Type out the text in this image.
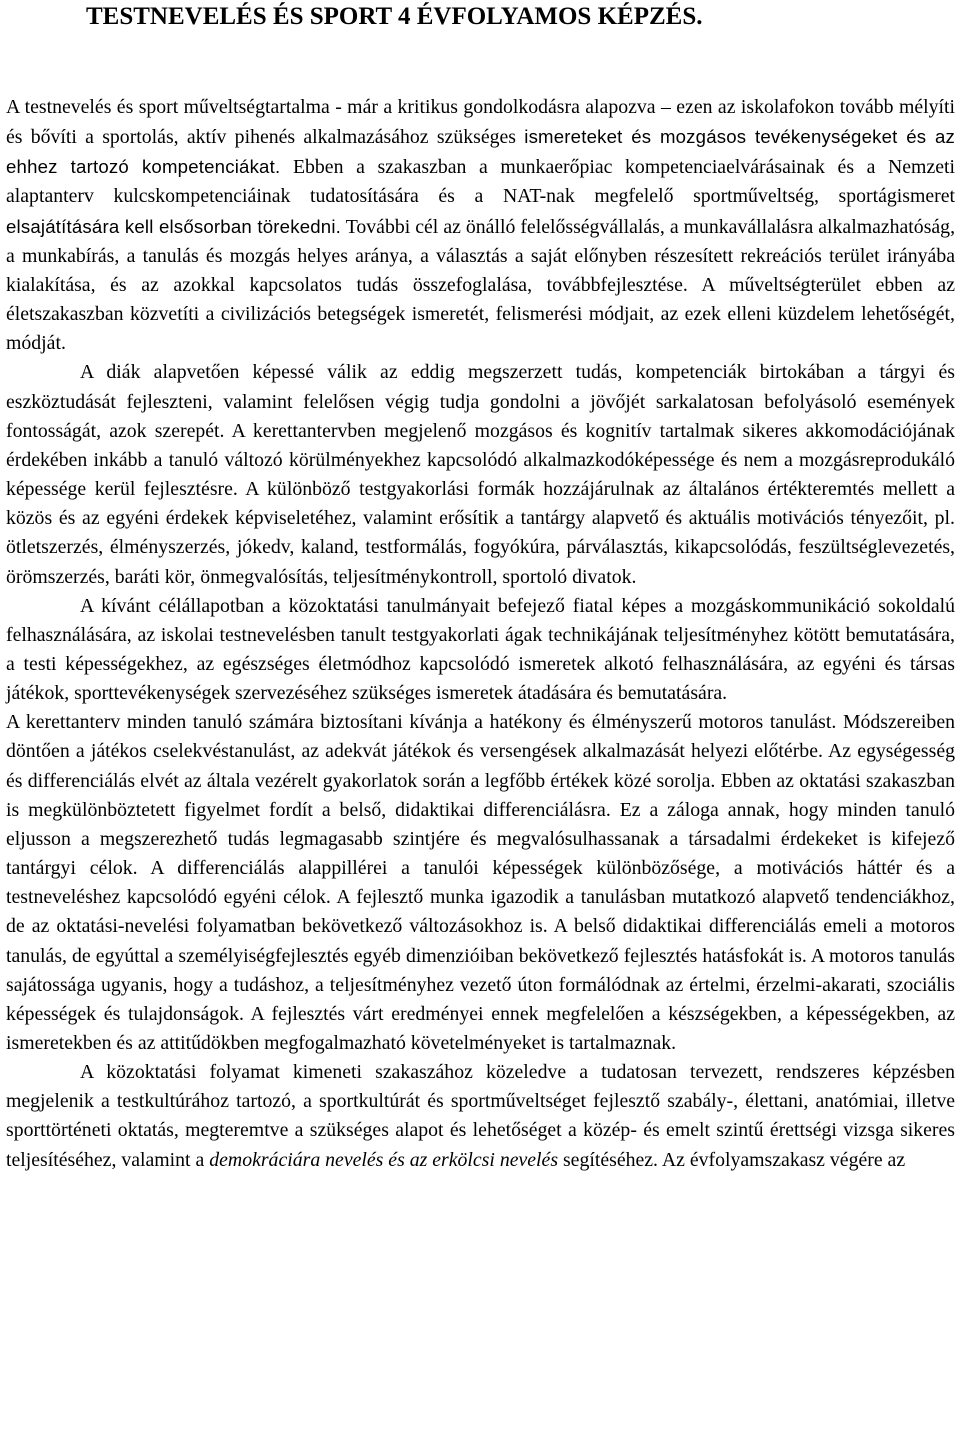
TESTNEVELÉS ÉS SPORT 4 ÉVFOLYAMOS KÉPZÉS.

A testnevelés és sport műveltségtartalma - már a kritikus gondolkodásra alapozva – ezen az iskolafokon tovább mélyíti és bővíti a sportolás, aktív pihenés alkalmazásához szükséges ismereteket és mozgásos tevékenységeket és az ehhez tartozó kompetenciákat. Ebben a szakaszban a munkaerőpiac kompetenciaelvárásainak és a Nemzeti alaptanterv kulcskompetenciáinak tudatosítására és a NAT-nak megfelelő sportműveltség, sportágismeret elsajátítására kell elsősorban törekedni. További cél az önálló felelősségvállalás, a munkavállalásra alkalmazhatóság, a munkabírás, a tanulás és mozgás helyes aránya, a választás a saját előnyben részesített rekreációs terület irányába kialakítása, és az azokkal kapcsolatos tudás összefoglalása, továbbfejlesztése. A műveltségterület ebben az életszakaszban közvetíti a civilizációs betegségek ismeretét, felismerési módjait, az ezek elleni küzdelem lehetőségét, módját.

A diák alapvetően képessé válik az eddig megszerzett tudás, kompetenciák birtokában a tárgyi és eszköztudását fejleszteni, valamint felelősen végig tudja gondolni a jövőjét sarkalatosan befolyásoló események fontosságát, azok szerepét. A kerettantervben megjelenő mozgásos és kognitív tartalmak sikeres akkomodációjának érdekében inkább a tanuló változó körülményekhez kapcsolódó alkalmazkodóképessége és nem a mozgásreprodukáló képessége kerül fejlesztésre. A különböző testgyakorlási formák hozzájárulnak az általános értékteremtés mellett a közös és az egyéni érdekek képviseletéhez, valamint erősítik a tantárgy alapvető és aktuális motivációs tényezőit, pl. ötletszerzés, élményszerzés, jókedv, kaland, testformálás, fogyókúra, párválasztás, kikapcsolódás, feszültséglevezetés, örömszerzés, baráti kör, önmegvalósítás, teljesítménykontroll, sportoló divatok.

A kívánt célállapotban a közoktatási tanulmányait befejező fiatal képes a mozgáskommunikáció sokoldalú felhasználására, az iskolai testnevelésben tanult testgyakorlati ágak technikájának teljesítményhez kötött bemutatására, a testi képességekhez, az egészséges életmódhoz kapcsolódó ismeretek alkotó felhasználására, az egyéni és társas játékok, sporttevékenységek szervezéséhez szükséges ismeretek átadására és bemutatására.

A kerettanterv minden tanuló számára biztosítani kívánja a hatékony és élményszerű motoros tanulást. Módszereiben döntően a játékos cselekvéstanulást, az adekvát játékok és versengések alkalmazását helyezi előtérbe. Az egységesség és differenciálás elvét az általa vezérelt gyakorlatok során a legfőbb értékek közé sorolja. Ebben az oktatási szakaszban is megkülönböztetett figyelmet fordít a belső, didaktikai differenciálásra. Ez a záloga annak, hogy minden tanuló eljusson a megszerezhető tudás legmagasabb szintjére és megvalósulhassanak a társadalmi érdekeket is kifejező tantárgyi célok. A differenciálás alappillérei a tanulói képességek különbözősége, a motivációs háttér és a testneveléshez kapcsolódó egyéni célok. A fejlesztő munka igazodik a tanulásban mutatkozó alapvető tendenciákhoz, de az oktatási-nevelési folyamatban bekövetkező változásokhoz is. A belső didaktikai differenciálás emeli a motoros tanulás, de egyúttal a személyiségfejlesztés egyéb dimenzióiban bekövetkező fejlesztés hatásfokát is. A motoros tanulás sajátossága ugyanis, hogy a tudáshoz, a teljesítményhez vezető úton formálódnak az értelmi, érzelmi-akarati, szociális képességek és tulajdonságok. A fejlesztés várt eredményei ennek megfelelően a készségekben, a képességekben, az ismeretekben és az attitűdökben megfogalmazható követelményeket is tartalmaznak.

A közoktatási folyamat kimeneti szakaszához közeledve a tudatosan tervezett, rendszeres képzésben megjelenik a testkultúrához tartozó, a sportkultúrát és sportműveltséget fejlesztő szabály-, élettani, anatómiai, illetve sporttörténeti oktatás, megteremtve a szükséges alapot és lehetőséget a közép- és emelt szintű érettségi vizsga sikeres teljesítéséhez, valamint a demokráciára nevelés és az erkölcsi nevelés segítéséhez. Az évfolyamszakasz végére az
